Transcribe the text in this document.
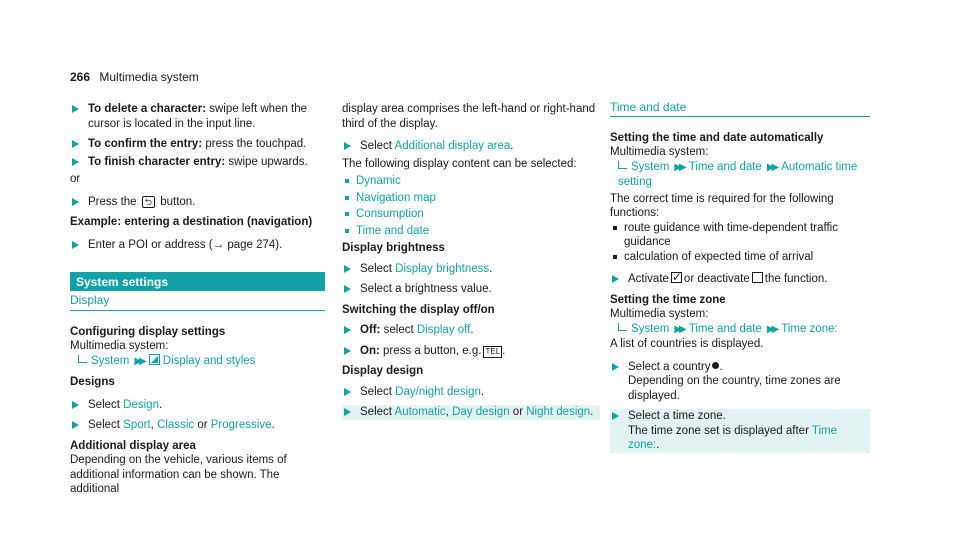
266 Multimedia system
To delete a character: swipe left when the cursor is located in the input line.
To confirm the entry: press the touchpad.
To finish character entry: swipe upwards.
or
Press the ⮌ button.
Example: entering a destination (navigation)
Enter a POI or address (→ page 274).
System settings
Display
Configuring display settings
Multimedia system:
System ▶▶ Display and styles
Designs
Select Design.
Select Sport, Classic or Progressive.
Additional display area
Depending on the vehicle, various items of additional information can be shown. The additional
display area comprises the left-hand or right-hand third of the display.
Select Additional display area.
The following display content can be selected:
Dynamic
Navigation map
Consumption
Time and date
Display brightness
Select Display brightness.
Select a brightness value.
Switching the display off/on
Off: select Display off.
On: press a button, e.g. TEL .
Display design
Select Day/night design.
Select Automatic, Day design or Night design.
Time and date
Setting the time and date automatically
Multimedia system:
System ▶▶ Time and date ▶▶ Automatic time setting
The correct time is required for the following functions:
route guidance with time-dependent traffic guidance
calculation of expected time of arrival
Activate✓ or deactivate the function.
Setting the time zone
Multimedia system:
System ▶▶ Time and date ▶▶ Time zone:
A list of countries is displayed.
Select a country .
Depending on the country, time zones are displayed.
Select a time zone.
The time zone set is displayed after Time zone:.
